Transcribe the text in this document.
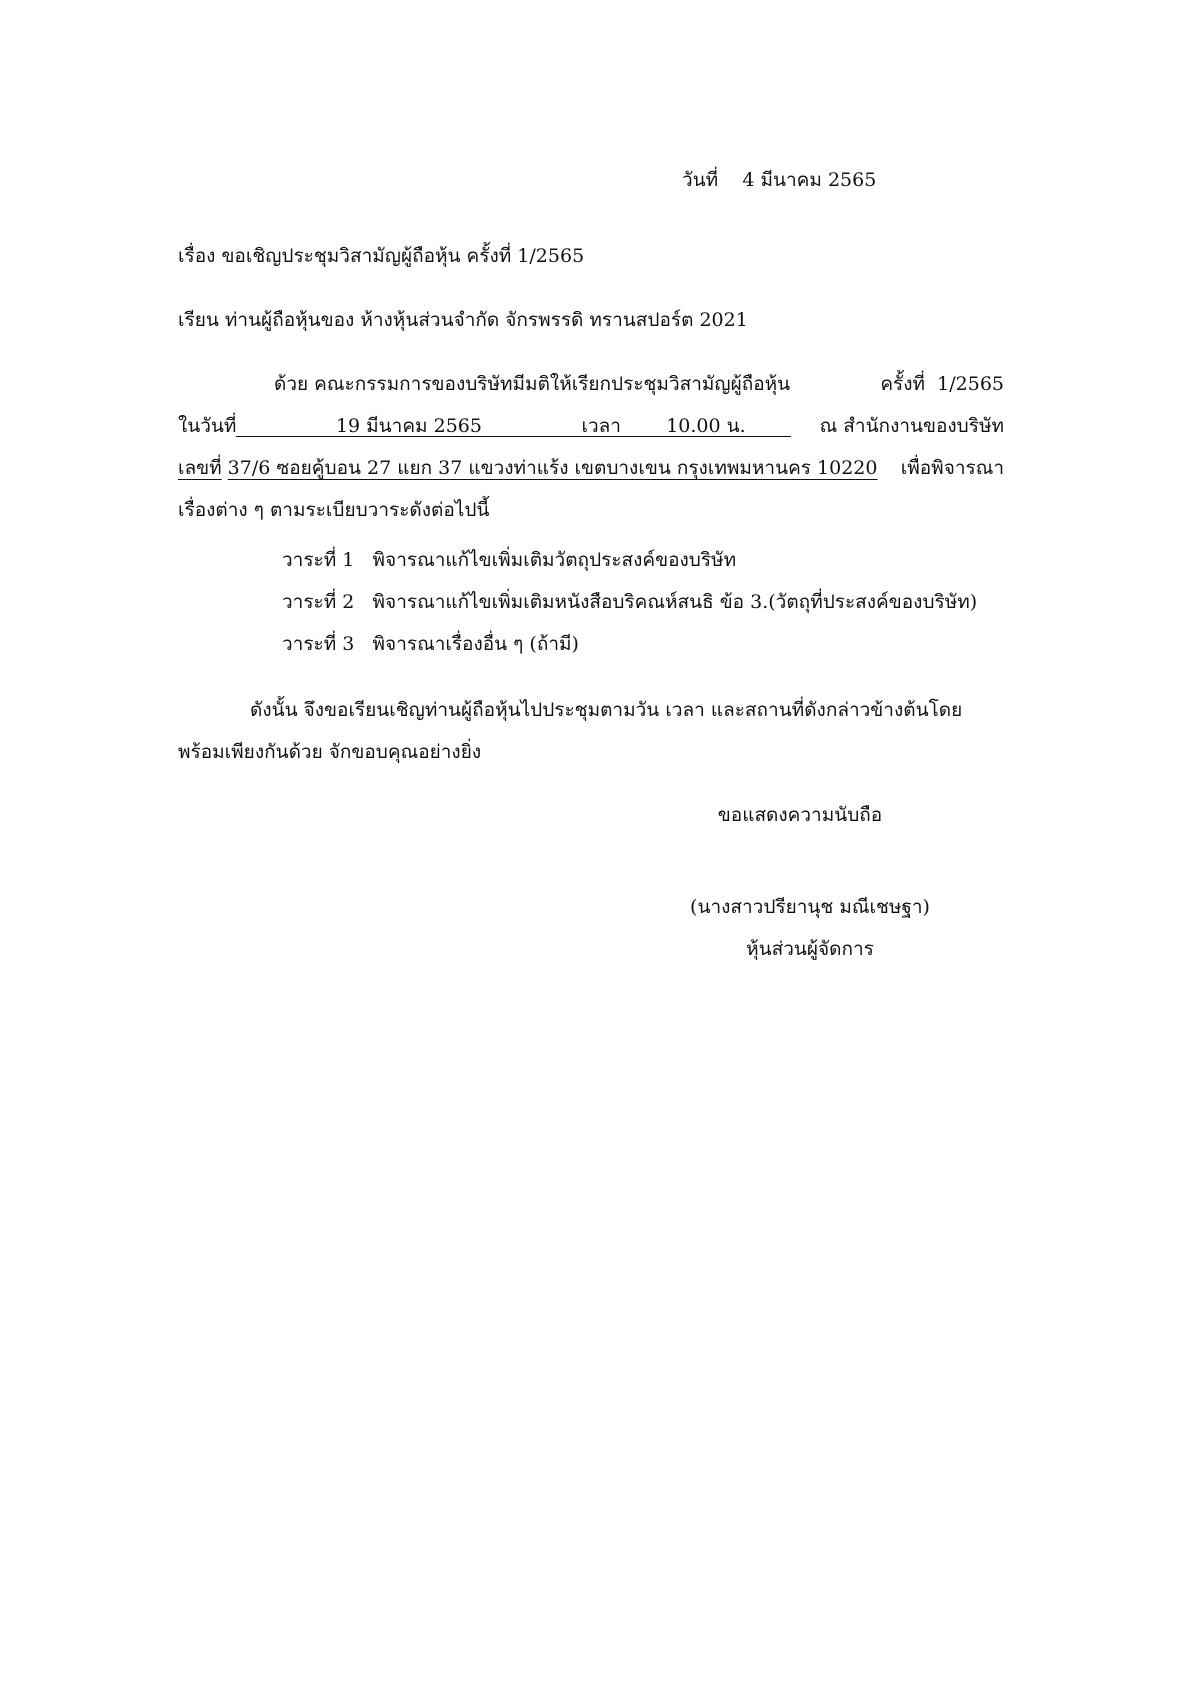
วันที่ 4 มีนาคม 2565
เรื่อง ขอเชิญประชุมวิสามัญผู้ถือหุ้น ครั้งที่ 1/2565
เรียน ท่านผู้ถือหุ้นของ ห้างหุ้นส่วนจำกัด จักรพรรดิ ทรานสปอร์ต 2021
ด้วย คณะกรรมการของบริษัทมีมติให้เรียกประชุมวิสามัญผู้ถือหุ้น	ครั้งที่ 1/2565
ในวันที่	19 มีนาคม 2565	เวลา 10.00 น.	ณ สำนักงานของบริษัท
เลขที่ 37/6 ซอยคู้บอน 27 แยก 37 แขวงท่าแร้ง เขตบางเขน กรุงเทพมหานคร 10220 เพื่อพิจารณา
เรื่องต่าง ๆ ตามระเบียบวาระดังต่อไปนี้
วาระที่ 1 พิจารณาแก้ไขเพิ่มเติมวัตถุประสงค์ของบริษัท
วาระที่ 2 พิจารณาแก้ไขเพิ่มเติมหนังสือบริคณห์สนธิ ข้อ 3.(วัตถุที่ประสงค์ของบริษัท)
วาระที่ 3 พิจารณาเรื่องอื่น ๆ (ถ้ามี)
ดังนั้น จึงขอเรียนเชิญท่านผู้ถือหุ้นไปประชุมตามวัน เวลา และสถานที่ดังกล่าวข้างต้นโดย
พร้อมเพียงกันด้วย จักขอบคุณอย่างยิ่ง
ขอแสดงความนับถือ
(นางสาวปรียานุช มณีเชษฐา)
หุ้นส่วนผู้จัดการ
